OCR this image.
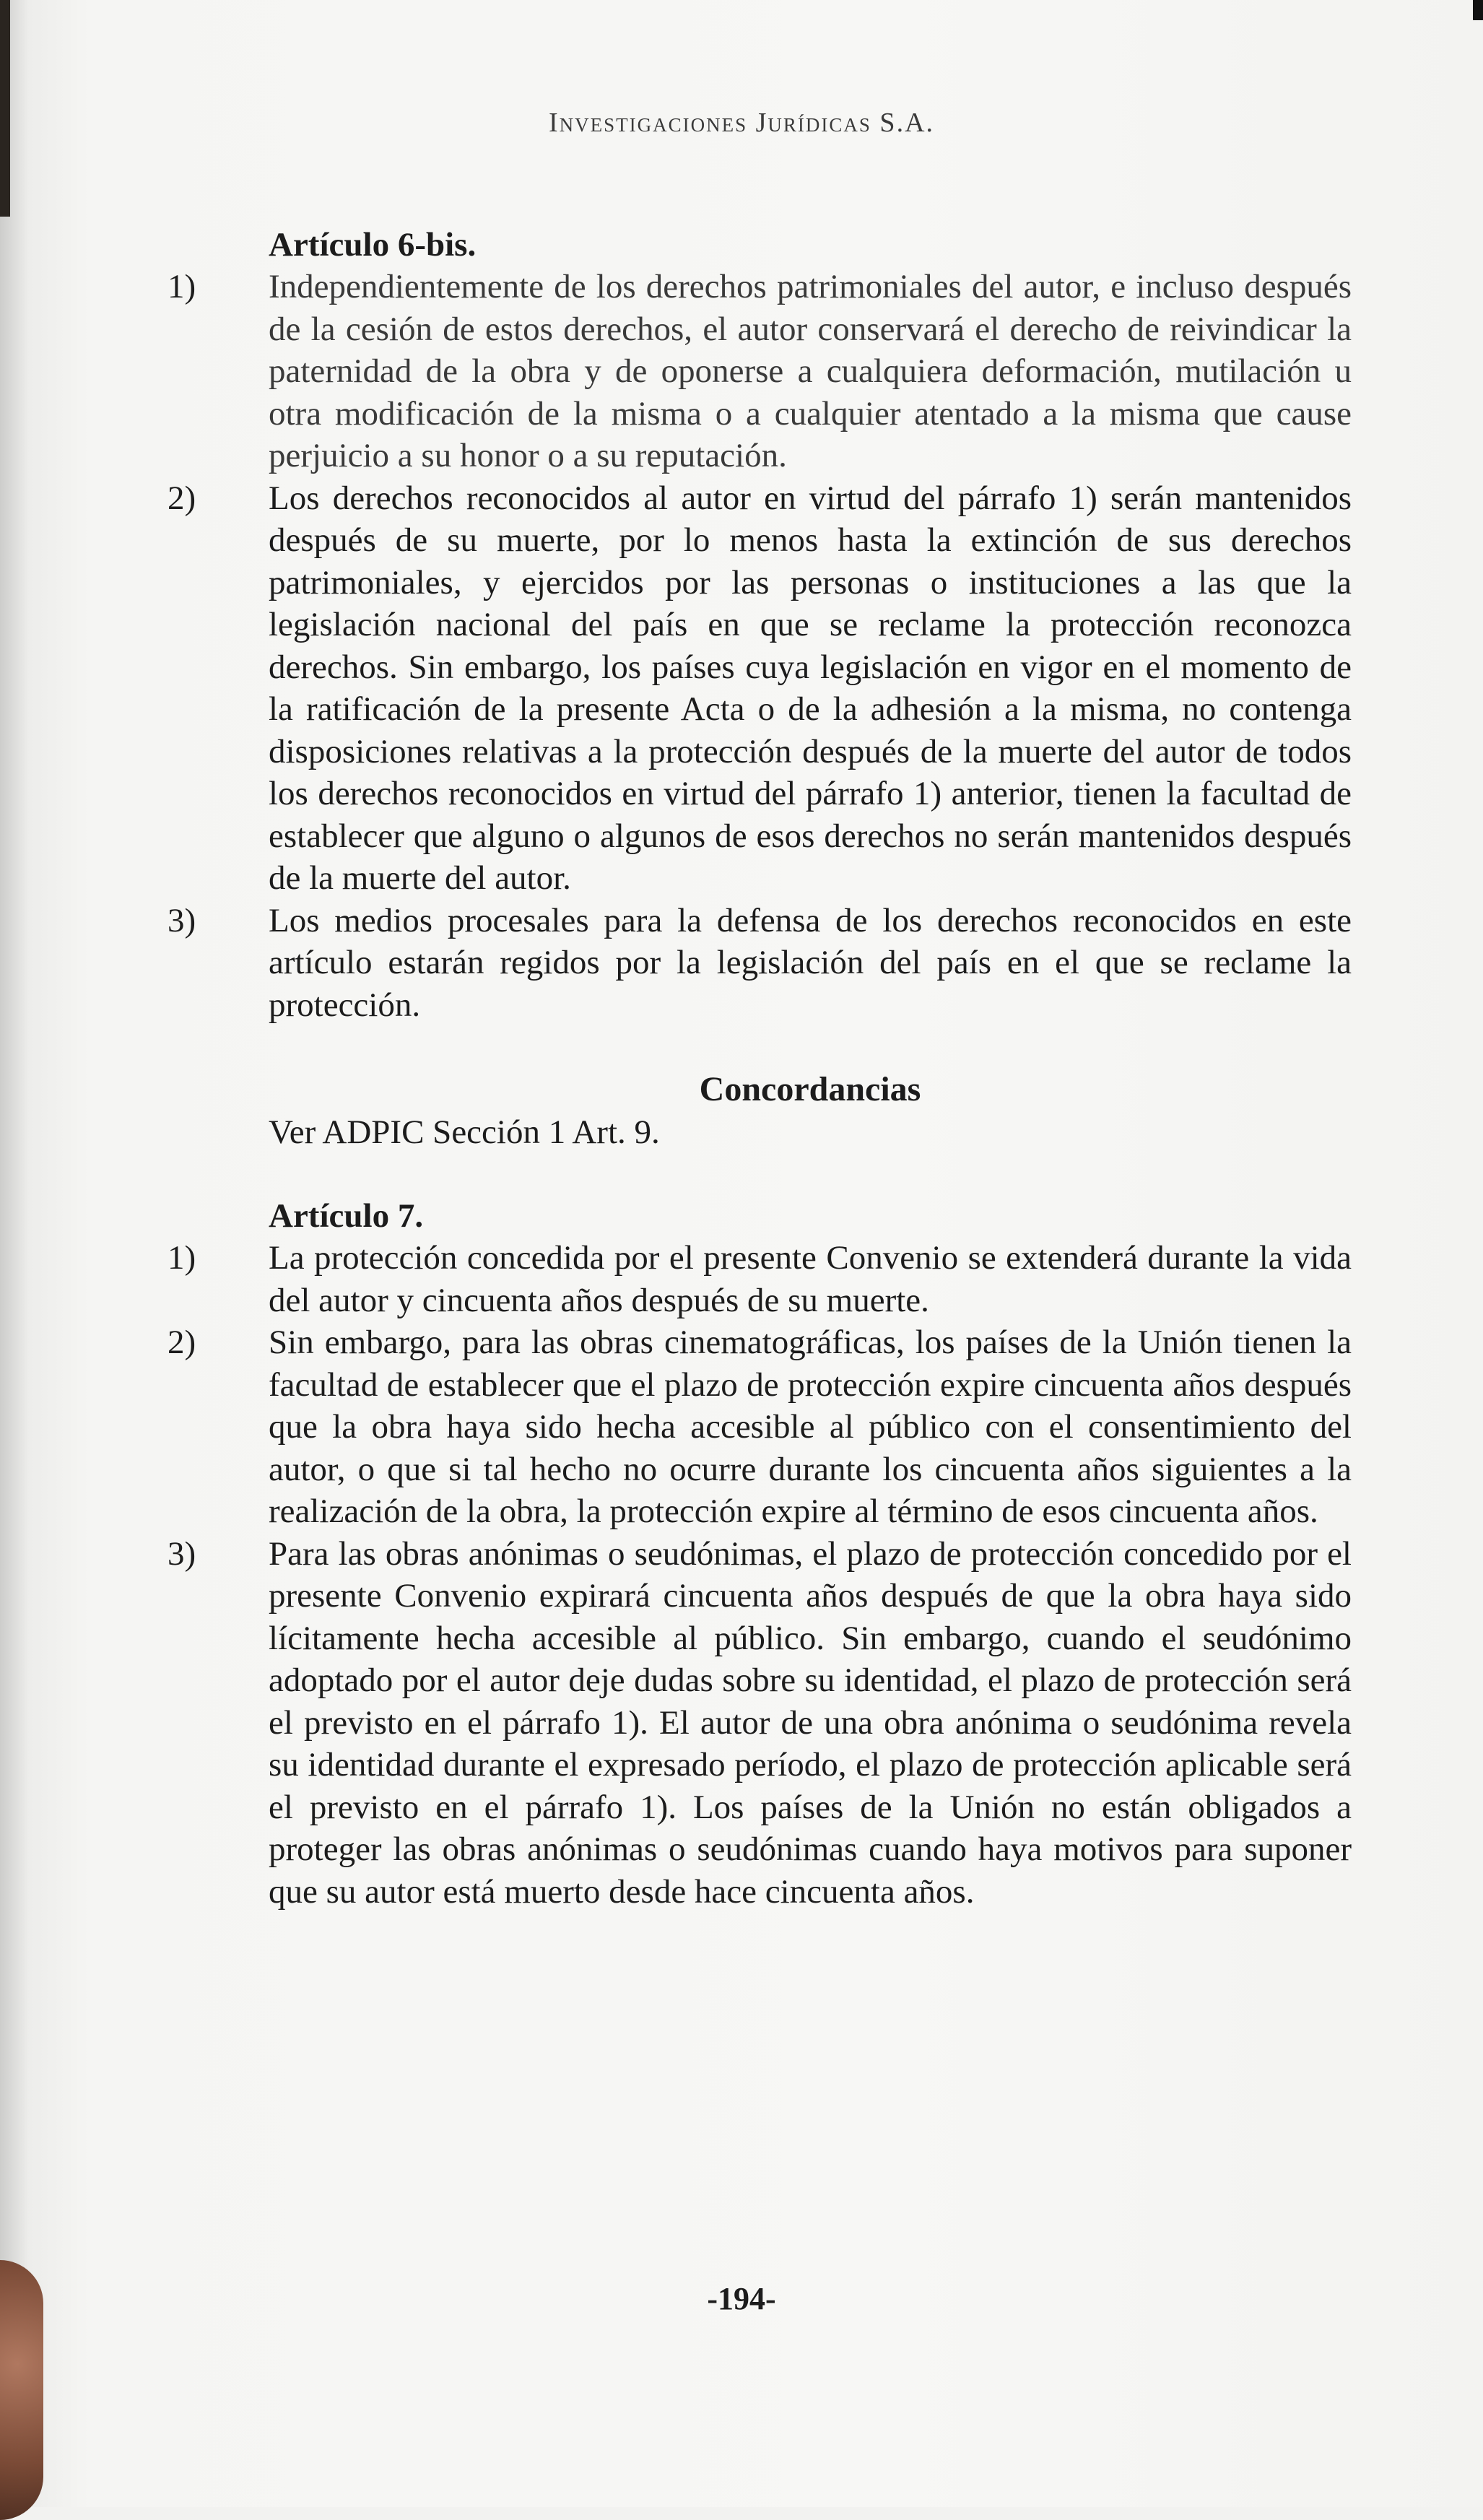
Investigaciones Jurídicas S.A.
Artículo 6-bis.
1)	Independientemente de los derechos patrimoniales del autor, e incluso después de la cesión de estos derechos, el autor conservará el derecho de reivindicar la paternidad de la obra y de oponerse a cualquiera deformación, mutilación u otra modificación de la misma o a cualquier atentado a la misma que cause perjuicio a su honor o a su reputación.
2)	Los derechos reconocidos al autor en virtud del párrafo 1) serán mantenidos después de su muerte, por lo menos hasta la extinción de sus derechos patrimoniales, y ejercidos por las personas o instituciones a las que la legislación nacional del país en que se reclame la protección reconozca derechos. Sin embargo, los países cuya legislación en vigor en el momento de la ratificación de la presente Acta o de la adhesión a la misma, no contenga disposiciones relativas a la protección después de la muerte del autor de todos los derechos reconocidos en virtud del párrafo 1) anterior, tienen la facultad de establecer que alguno o algunos de esos derechos no serán mantenidos después de la muerte del autor.
3)	Los medios procesales para la defensa de los derechos reconocidos en este artículo estarán regidos por la legislación del país en el que se reclame la protección.
Concordancias
Ver ADPIC Sección 1 Art. 9.
Artículo 7.
1)	La protección concedida por el presente Convenio se extenderá durante la vida del autor y cincuenta años después de su muerte.
2)	Sin embargo, para las obras cinematográficas, los países de la Unión tienen la facultad de establecer que el plazo de protección expire cincuenta años después que la obra haya sido hecha accesible al público con el consentimiento del autor, o que si tal hecho no ocurre durante los cincuenta años siguientes a la realización de la obra, la protección expire al término de esos cincuenta años.
3)	Para las obras anónimas o seudónimas, el plazo de protección concedido por el presente Convenio expirará cincuenta años después de que la obra haya sido lícitamente hecha accesible al público. Sin embargo, cuando el seudónimo adoptado por el autor deje dudas sobre su identidad, el plazo de protección será el previsto en el párrafo 1). El autor de una obra anónima o seudónima revela su identidad durante el expresado período, el plazo de protección aplicable será el previsto en el párrafo 1). Los países de la Unión no están obligados a proteger las obras anónimas o seudónimas cuando haya motivos para suponer que su autor está muerto desde hace cincuenta años.
-194-
